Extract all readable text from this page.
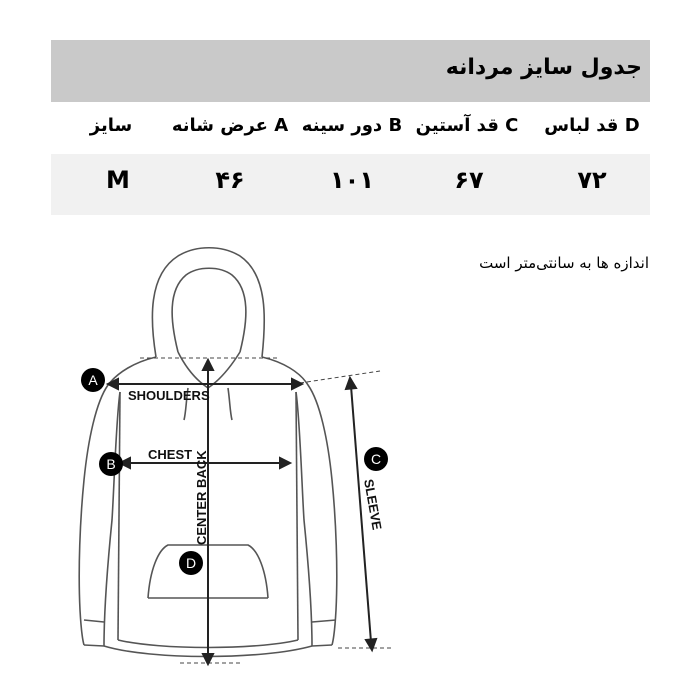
جدول سایز مردانه
D قد لباس
C قد آستین
B دور سینه
A عرض شانه
سایز
۷۲
۶۷
۱۰۱
۴۶
M
اندازه ها به سانتی‌متر است
SHOULDERS
CHEST CENTER BACK	SLEEVE
A
B	C
D
